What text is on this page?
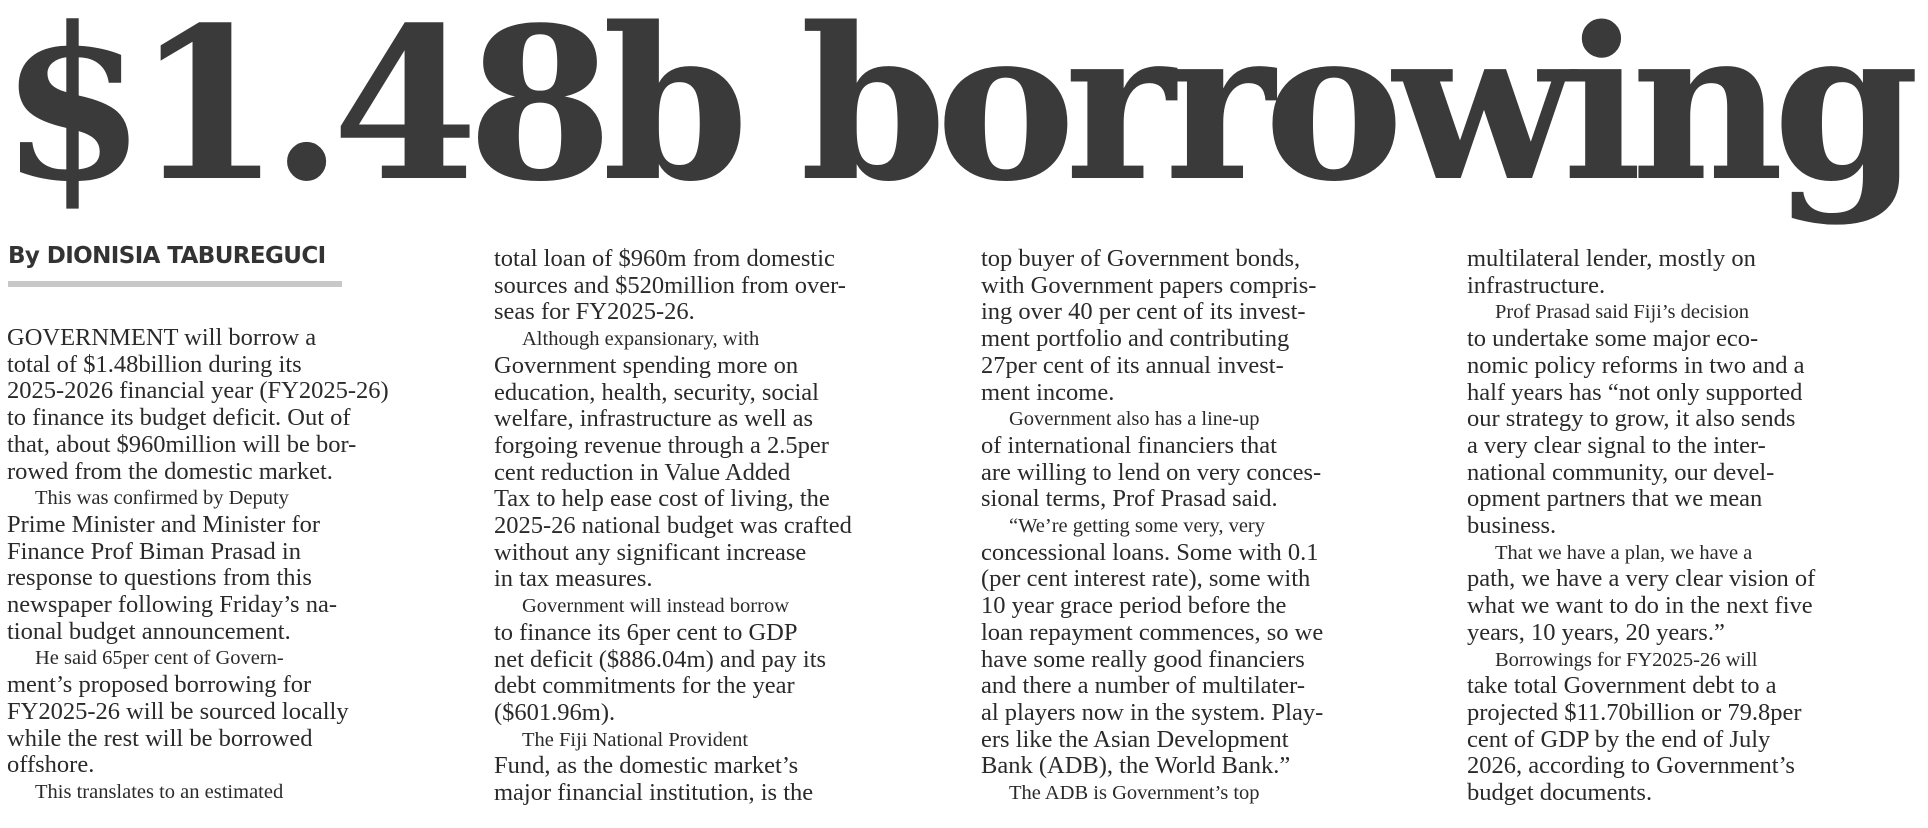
$1.48b borrowing
By DIONISIA TABUREGUCI
GOVERNMENT will borrow a
total of $1.48billion during its
2025-2026 financial year (FY2025-26)
to finance its budget deficit. Out of
that, about $960million will be bor-
rowed from the domestic market.
This was confirmed by Deputy
Prime Minister and Minister for
Finance Prof Biman Prasad in
response to questions from this
newspaper following Friday’s na-
tional budget announcement.
He said 65per cent of Govern-
ment’s proposed borrowing for
FY2025-26 will be sourced locally
while the rest will be borrowed
offshore.
This translates to an estimated
total loan of $960m from domestic
sources and $520million from over-
seas for FY2025-26.
Although expansionary, with
Government spending more on
education, health, security, social
welfare, infrastructure as well as
forgoing revenue through a 2.5per
cent reduction in Value Added
Tax to help ease cost of living, the
2025-26 national budget was crafted
without any significant increase
in tax measures.
Government will instead borrow
to finance its 6per cent to GDP
net deficit ($886.04m) and pay its
debt commitments for the year
($601.96m).
The Fiji National Provident
Fund, as the domestic market’s
major financial institution, is the
top buyer of Government bonds,
with Government papers compris-
ing over 40 per cent of its invest-
ment portfolio and contributing
27per cent of its annual invest-
ment income.
Government also has a line-up
of international financiers that
are willing to lend on very conces-
sional terms, Prof Prasad said.
“We’re getting some very, very
concessional loans. Some with 0.1
(per cent interest rate), some with
10 year grace period before the
loan repayment commences, so we
have some really good financiers
and there a number of multilater-
al players now in the system. Play-
ers like the Asian Development
Bank (ADB), the World Bank.”
The ADB is Government’s top
multilateral lender, mostly on
infrastructure.
Prof Prasad said Fiji’s decision
to undertake some major eco-
nomic policy reforms in two and a
half years has “not only supported
our strategy to grow, it also sends
a very clear signal to the inter-
national community, our devel-
opment partners that we mean
business.
That we have a plan, we have a
path, we have a very clear vision of
what we want to do in the next five
years, 10 years, 20 years.”
Borrowings for FY2025-26 will
take total Government debt to a
projected $11.70billion or 79.8per
cent of GDP by the end of July
2026, according to Government’s
budget documents.
